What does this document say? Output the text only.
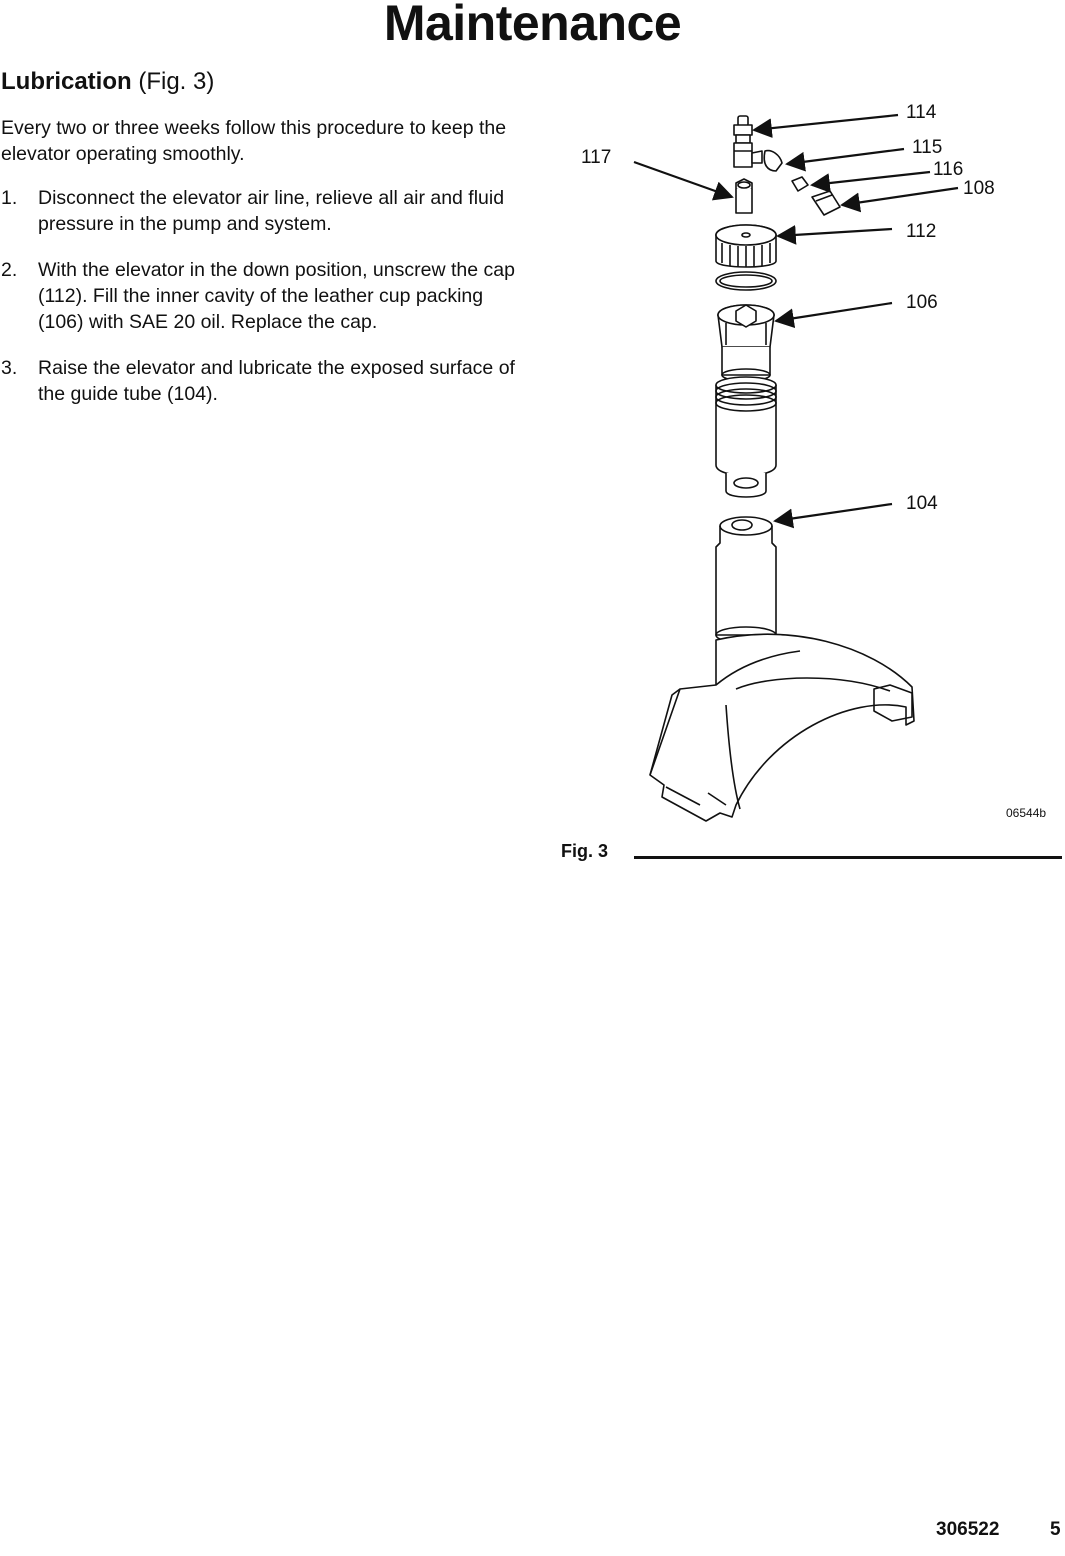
Maintenance
Lubrication (Fig. 3)

Every two or three weeks follow this procedure to keep the elevator operating smoothly.

1. Disconnect the elevator air line, relieve all air and fluid pressure in the pump and system.
2. With the elevator in the down position, unscrew the cap (112). Fill the inner cavity of the leather cup packing (106) with SAE 20 oil. Replace the cap.
3. Raise the elevator and lubricate the exposed surface of the guide tube (104).
114
115
116
108
117
112
106
104
06544b

Fig. 3

306522	5
